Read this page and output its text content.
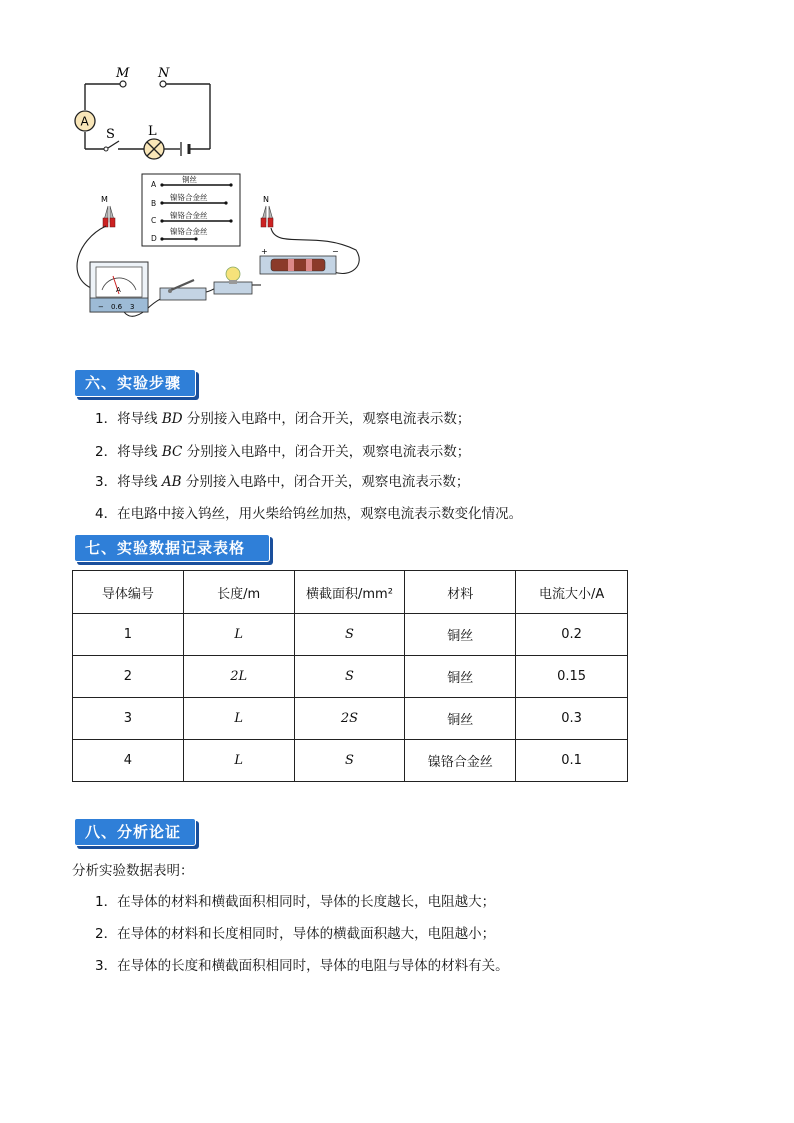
M N
A
S	L
A
B
C
D
铜丝
镍铬合金丝
镍铬合金丝
镍铬合金丝
M	N
A
− 0.6 3
+	−
六、实验步骤
1．将导线 BD 分别接入电路中，闭合开关，观察电流表示数；
2．将导线 BC 分别接入电路中，闭合开关，观察电流表示数；
3．将导线 AB 分别接入电路中，闭合开关，观察电流表示数；
4．在电路中接入钨丝，用火柴给钨丝加热，观察电流表示数变化情况。
七、实验数据记录表格
导体编号	长度/m	横截面积/mm²	材料	电流大小/A
1	L	S	铜丝	0.2
2	2L	S	铜丝	0.15
3	L	2S	铜丝	0.3
4	L	S	镍铬合金丝	0.1
八、分析论证
分析实验数据表明：
1．在导体的材料和横截面积相同时，导体的长度越长，电阻越大；
2．在导体的材料和长度相同时，导体的横截面积越大，电阻越小；
3．在导体的长度和横截面积相同时，导体的电阻与导体的材料有关。
